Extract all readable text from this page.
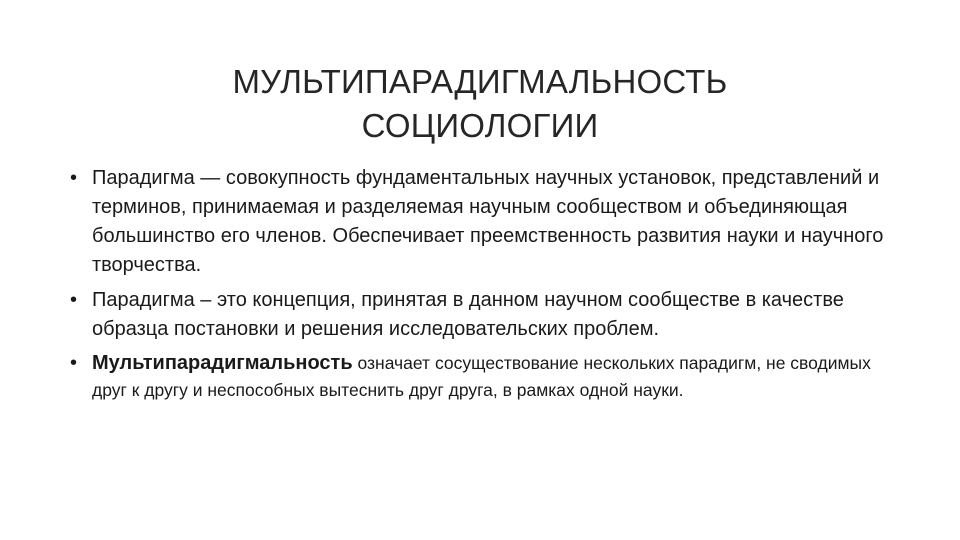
МУЛЬТИПАРАДИГМАЛЬНОСТЬ
СОЦИОЛОГИИ
• Парадигма — совокупность фундаментальных научных установок, представлений и терминов, принимаемая и разделяемая научным сообществом и объединяющая большинство его членов. Обеспечивает преемственность развития науки и научного творчества.
• Парадигма – это концепция, принятая в данном научном сообществе в качестве образца постановки и решения исследовательских проблем.
• Мультипарадигмальность означает сосуществование нескольких парадигм, не сводимых друг к другу и неспособных вытеснить друг друга, в рамках одной науки.
